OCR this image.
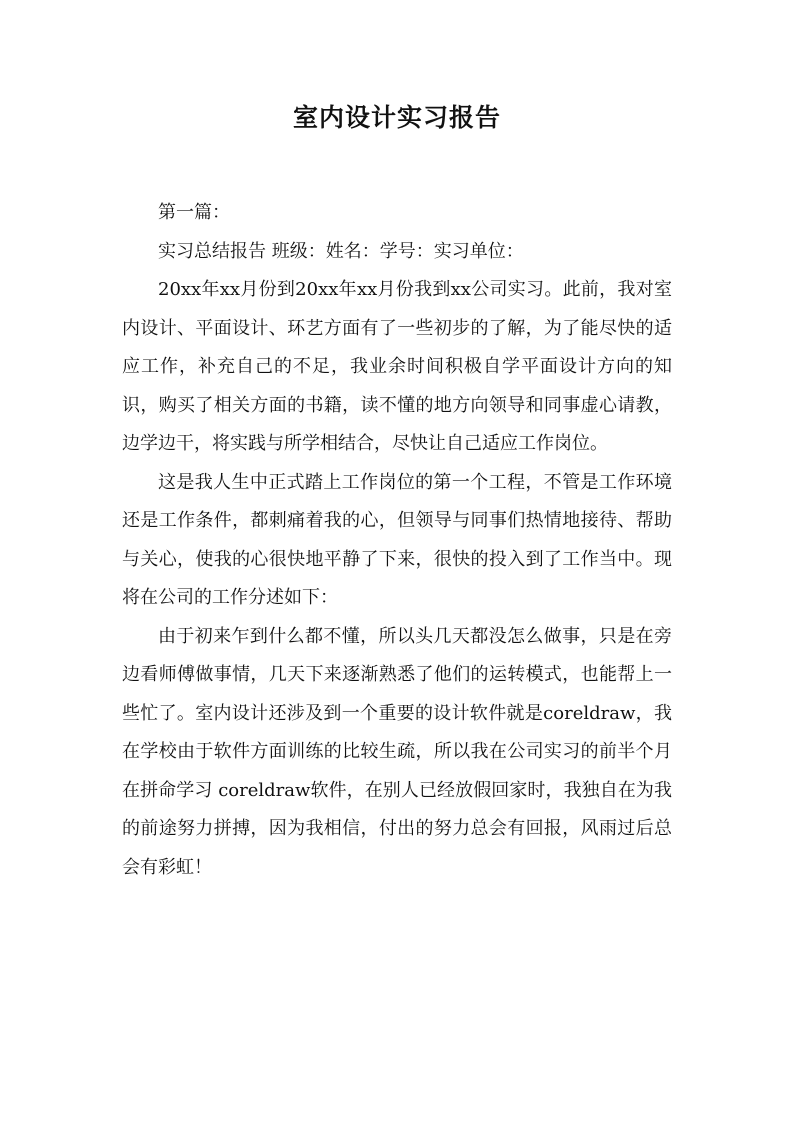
室内设计实习报告

第一篇：

实习总结报告 班级：姓名：学号：实习单位：

20xx年xx月份到20xx年xx月份我到xx公司实习。此前，我对室内设计、平面设计、环艺方面有了一些初步的了解，为了能尽快的适应工作，补充自己的不足，我业余时间积极自学平面设计方向的知识，购买了相关方面的书籍，读不懂的地方向领导和同事虚心请教，边学边干，将实践与所学相结合，尽快让自己适应工作岗位。

这是我人生中正式踏上工作岗位的第一个工程，不管是工作环境还是工作条件，都刺痛着我的心，但领导与同事们热情地接待、帮助与关心，使我的心很快地平静了下来，很快的投入到了工作当中。现将在公司的工作分述如下：

由于初来乍到什么都不懂，所以头几天都没怎么做事，只是在旁边看师傅做事情，几天下来逐渐熟悉了他们的运转模式，也能帮上一些忙了。室内设计还涉及到一个重要的设计软件就是coreldraw，我在学校由于软件方面训练的比较生疏，所以我在公司实习的前半个月在拼命学习 coreldraw软件，在别人已经放假回家时，我独自在为我的前途努力拼搏，因为我相信，付出的努力总会有回报，风雨过后总会有彩虹！
